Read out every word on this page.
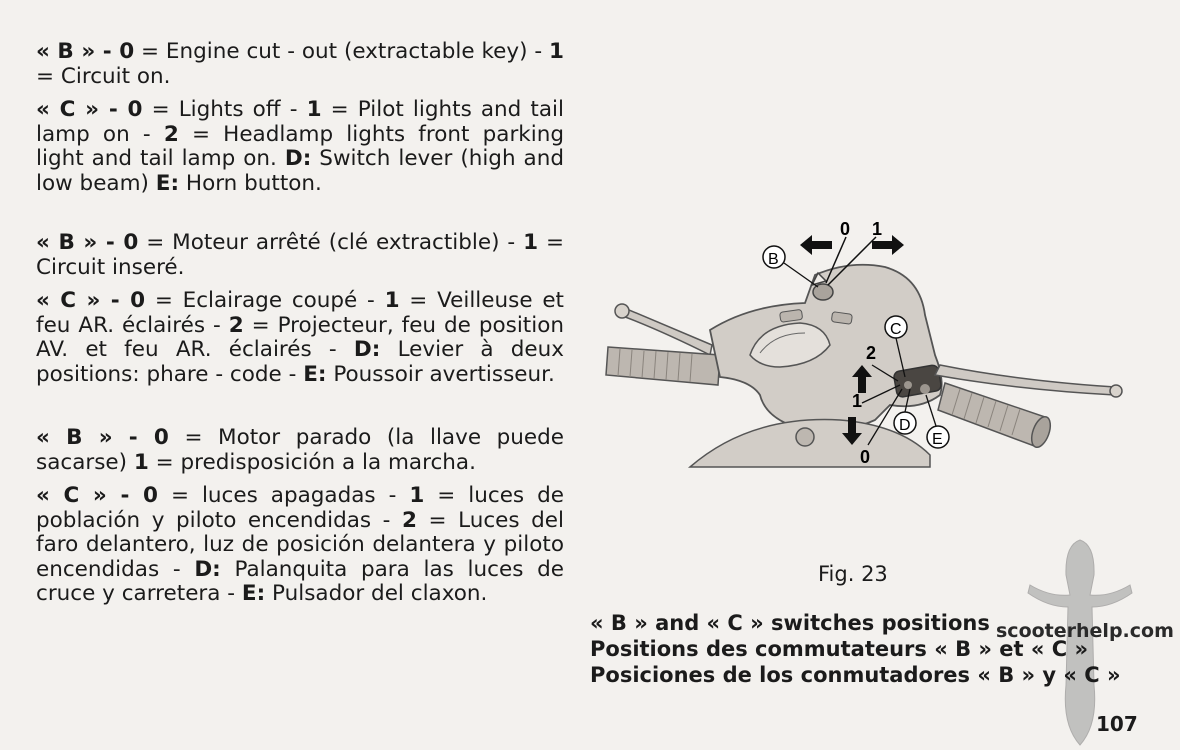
« B » - 0 = Engine cut - out (extractable key) - 1 = Circuit on.

« C » - 0 = Lights off - 1 = Pilot lights and tail lamp on - 2 = Headlamp lights front parking light and tail lamp on. D: Switch lever (high and low beam) E: Horn button.

« B » - 0 = Moteur arrêté (clé extractible) - 1 = Circuit inseré.

« C » - 0 = Eclairage coupé - 1 = Veilleuse et feu AR. éclairés - 2 = Projecteur, feu de position AV. et feu AR. éclairés - D: Levier à deux positions: phare - code - E: Poussoir avertisseur.

« B » - 0 = Motor parado (la llave puede sacarse) 1 = predisposición a la marcha.

« C » - 0 = luces apagadas - 1 = luces de población y piloto encendidas - 2 = Luces del faro delantero, luz de posición delantera y piloto encendidas - D: Palanquita para las luces de cruce y carretera - E: Pulsador del claxon.

0 1
B
C
D
E
2
1
0
Fig. 23
« B » and « C » switches positions
Positions des commutateurs « B » et « C »
Posiciones de los conmutadores « B » y « C »
scooterhelp.com
107
